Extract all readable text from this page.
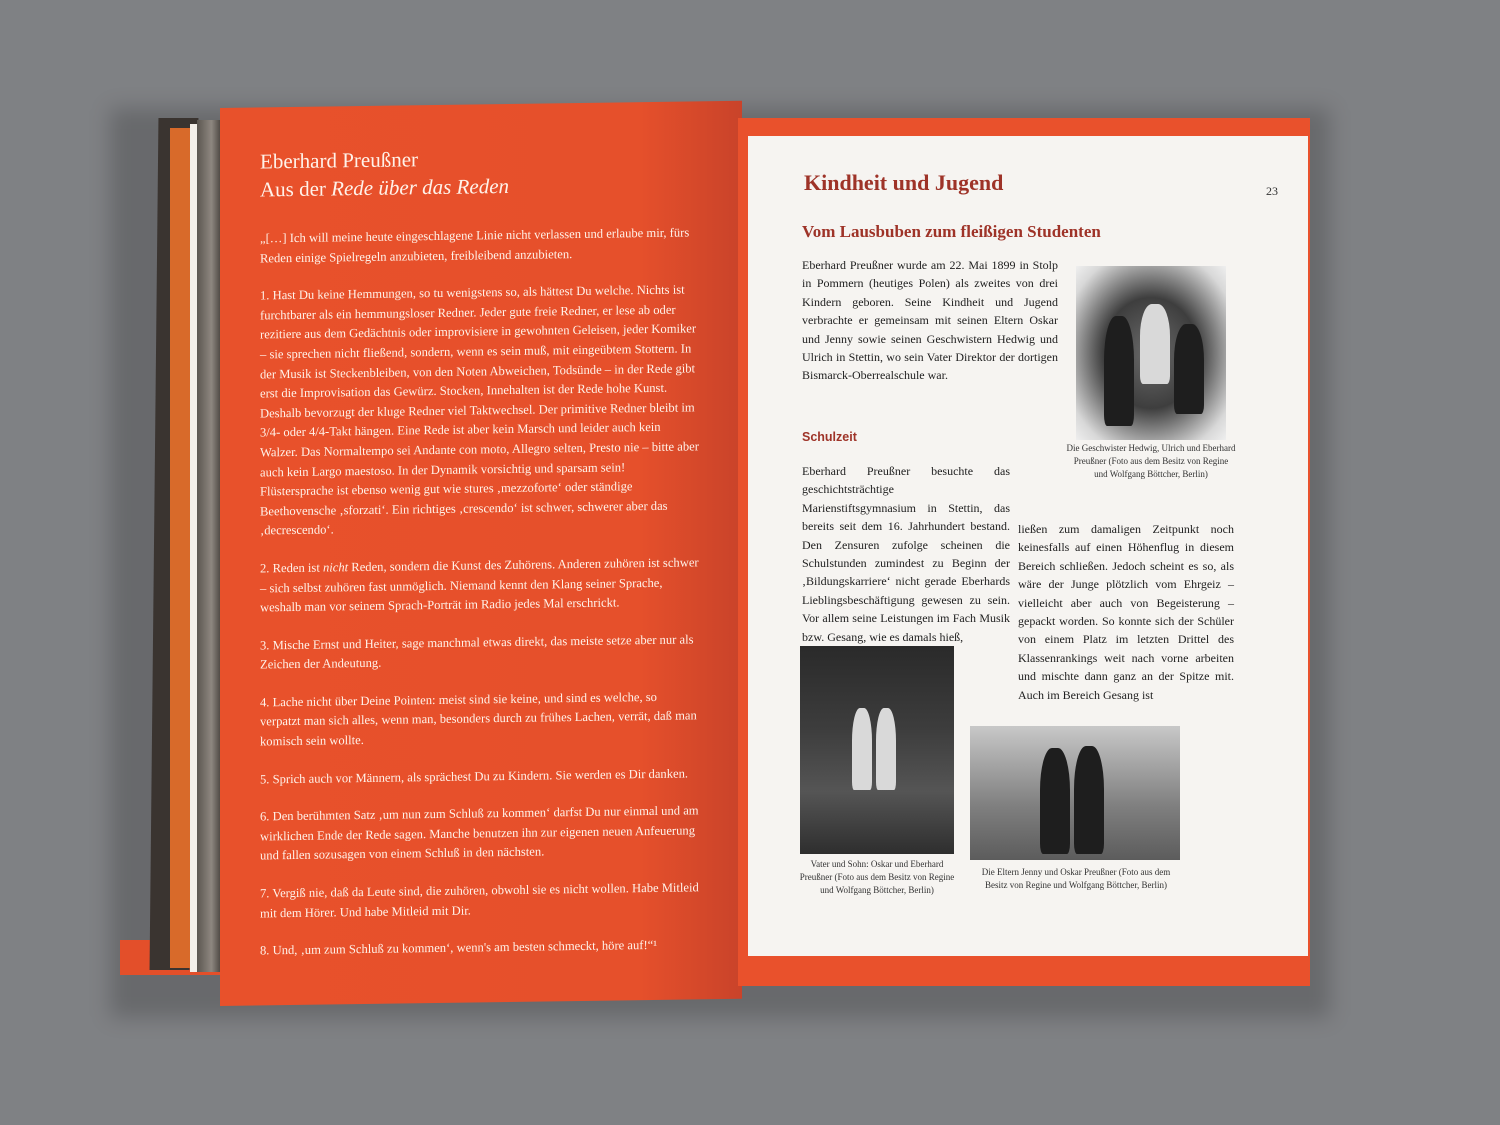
Eberhard Preußner
Aus der Rede über das Reden

„[…] Ich will meine heute eingeschlagene Linie nicht verlassen und erlaube mir, fürs Reden einige Spielregeln anzubieten, freibleibend anzubieten.

1. Hast Du keine Hemmungen, so tu wenigstens so, als hättest Du welche. Nichts ist furchtbarer als ein hemmungsloser Redner. Jeder gute freie Redner, er lese ab oder rezitiere aus dem Gedächtnis oder improvisiere in gewohnten Geleisen, jeder Komiker – sie sprechen nicht fließend, sondern, wenn es sein muß, mit eingeübtem Stottern. In der Musik ist Steckenbleiben, von den Noten Abweichen, Todsünde – in der Rede gibt erst die Improvisation das Gewürz. Stocken, Innehalten ist der Rede hohe Kunst. Deshalb bevorzugt der kluge Redner viel Taktwechsel. Der primitive Redner bleibt im 3/4- oder 4/4-Takt hängen. Eine Rede ist aber kein Marsch und leider auch kein Walzer. Das Normaltempo sei Andante con moto, Allegro selten, Presto nie – bitte aber auch kein Largo maestoso. In der Dynamik vorsichtig und sparsam sein! Flüstersprache ist ebenso wenig gut wie stures ‚mezzoforte‘ oder ständige Beethovensche ‚sforzati‘. Ein richtiges ‚crescendo‘ ist schwer, schwerer aber das ‚decrescendo‘.

2. Reden ist nicht Reden, sondern die Kunst des Zuhörens. Anderen zuhören ist schwer – sich selbst zuhören fast unmöglich. Niemand kennt den Klang seiner Sprache, weshalb man vor seinem Sprach-Porträt im Radio jedes Mal erschrickt.

3. Mische Ernst und Heiter, sage manchmal etwas direkt, das meiste setze aber nur als Zeichen der Andeutung.

4. Lache nicht über Deine Pointen: meist sind sie keine, und sind es welche, so verpatzt man sich alles, wenn man, besonders durch zu frühes Lachen, verrät, daß man komisch sein wollte.

5. Sprich auch vor Männern, als sprächest Du zu Kindern. Sie werden es Dir danken.

6. Den berühmten Satz ‚um nun zum Schluß zu kommen‘ darfst Du nur einmal und am wirklichen Ende der Rede sagen. Manche benutzen ihn zur eigenen neuen Anfeuerung und fallen sozusagen von einem Schluß in den nächsten.

7. Vergiß nie, daß da Leute sind, die zuhören, obwohl sie es nicht wollen. Habe Mitleid mit dem Hörer. Und habe Mitleid mit Dir.

8. Und, ‚um zum Schluß zu kommen‘, wenn's am besten schmeckt, höre auf!“¹

Kindheit und Jugend	23
Vom Lausbuben zum fleißigen Studenten

Eberhard Preußner wurde am 22. Mai 1899 in Stolp in Pommern (heutiges Polen) als zweites von drei Kindern geboren. Seine Kindheit und Jugend verbrachte er gemeinsam mit seinen Eltern Oskar und Jenny sowie seinen Geschwistern Hedwig und Ulrich in Stettin, wo sein Vater Direktor der dortigen Bismarck-Oberrealschule war.

Die Geschwister Hedwig, Ulrich und Eberhard Preußner (Foto aus dem Besitz von Regine und Wolfgang Böttcher, Berlin)

Schulzeit

Eberhard Preußner besuchte das geschichtsträchtige Marienstiftsgymnasium in Stettin, das bereits seit dem 16. Jahrhundert bestand. Den Zensuren zufolge scheinen die Schulstunden zumindest zu Beginn der ‚Bildungskarriere‘ nicht gerade Eberhards Lieblingsbeschäftigung gewesen zu sein. Vor allem seine Leistungen im Fach Musik bzw. Gesang, wie es damals hieß,

ließen zum damaligen Zeitpunkt noch keinesfalls auf einen Höhenflug in diesem Bereich schließen. Jedoch scheint es so, als wäre der Junge plötzlich vom Ehrgeiz – vielleicht aber auch von Begeisterung – gepackt worden. So konnte sich der Schüler von einem Platz im letzten Drittel des Klassenrankings weit nach vorne arbeiten und mischte dann ganz an der Spitze mit. Auch im Bereich Gesang ist

Vater und Sohn: Oskar und Eberhard Preußner (Foto aus dem Besitz von Regine und Wolfgang Böttcher, Berlin)

Die Eltern Jenny und Oskar Preußner (Foto aus dem Besitz von Regine und Wolfgang Böttcher, Berlin)
